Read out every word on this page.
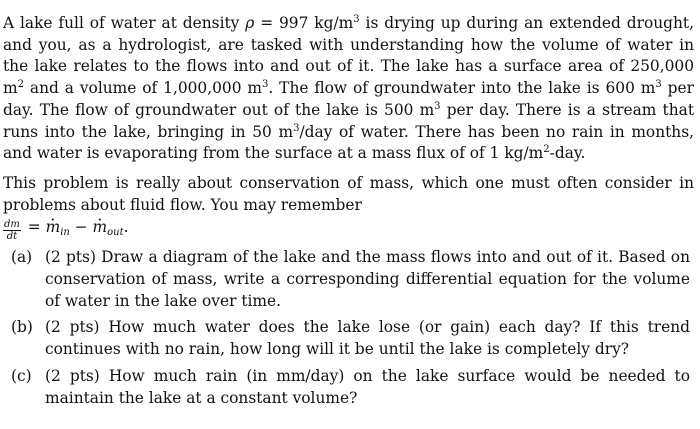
A lake full of water at density ρ = 997 $kg/m^3$ is drying up during an extended drought, and you, as a hydrologist, are tasked with understanding how the volume of water in the lake relates to the flows into and out of it. The lake has a surface area of 250,000 $m^2$ and a volume of 1,000,000 $m^3$. The flow of groundwater into the lake is 600 $m^3$ per day. The flow of groundwater out of the lake is 500 $m^3$ per day. There is a stream that runs into the lake, bringing in 50 $m^3$/day of water. There has been no rain in months, and water is evaporating from the surface at a mass flux of of 1 $kg/m^2$-day.

This problem is really about conservation of mass, which one must often consider in problems about fluid flow. You may remember

$\frac{dm}{dt}$ = · $m_{in}$ − · $m_{out}$.
(a) (2 pts) Draw a diagram of the lake and the mass flows into and out of it. Based on conservation of mass, write a corresponding differential equation for the volume of water in the lake over time.
(b) (2 pts) How much water does the lake lose (or gain) each day? If this trend continues with no rain, how long will it be until the lake is completely dry?
(c) (2 pts) How much rain (in mm/day) on the lake surface would be needed to maintain the lake at a constant volume?
